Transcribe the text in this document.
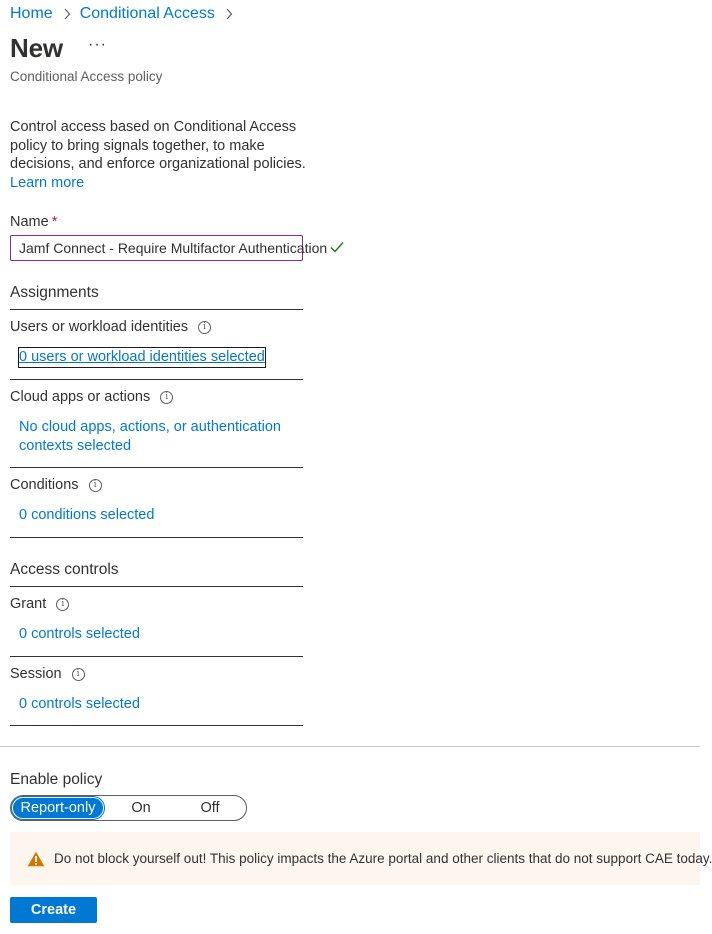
Home Conditional Access
New ···
Conditional Access policy
Control access based on Conditional Access policy to bring signals together, to make decisions, and enforce organizational policies.
Learn more
Name *
Jamf Connect - Require Multifactor Authentication
Assignments
Users or workload identities	i
0 users or workload identities selected
Cloud apps or actions	i
No cloud apps, actions, or authentication
contexts selected
Conditions	i
0 conditions selected
Access controls
Grant	i
0 controls selected
Session	i
0 controls selected
Enable policy
Report-only	On	Off
Do not block yourself out! This policy impacts the Azure portal and other clients that do not support CAE today.
Create
